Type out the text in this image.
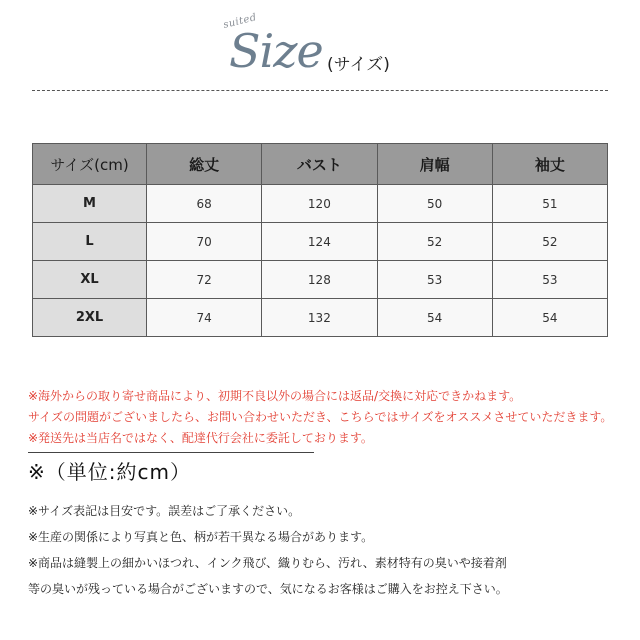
suited
Size (サイズ)
サイズ(cm)	総丈	バスト	肩幅	袖丈
M	68	120	50	51
L	70	124	52	52
XL	72	128	53	53
2XL	74	132	54	54
※海外からの取り寄せ商品により、初期不良以外の場合には返品/交換に対応できかねます。
サイズの問題がございましたら、お問い合わせいただき、こちらではサイズをオススメさせていただきます。
※発送先は当店名ではなく、配達代行会社に委託しております。
※（単位:約cm）
※サイズ表記は目安です。誤差はご了承ください。
※生産の関係により写真と色、柄が若干異なる場合があります。
※商品は縫製上の細かいほつれ、インク飛び、織りむら、汚れ、素材特有の臭いや接着剤
等の臭いが残っている場合がございますので、気になるお客様はご購入をお控え下さい。
